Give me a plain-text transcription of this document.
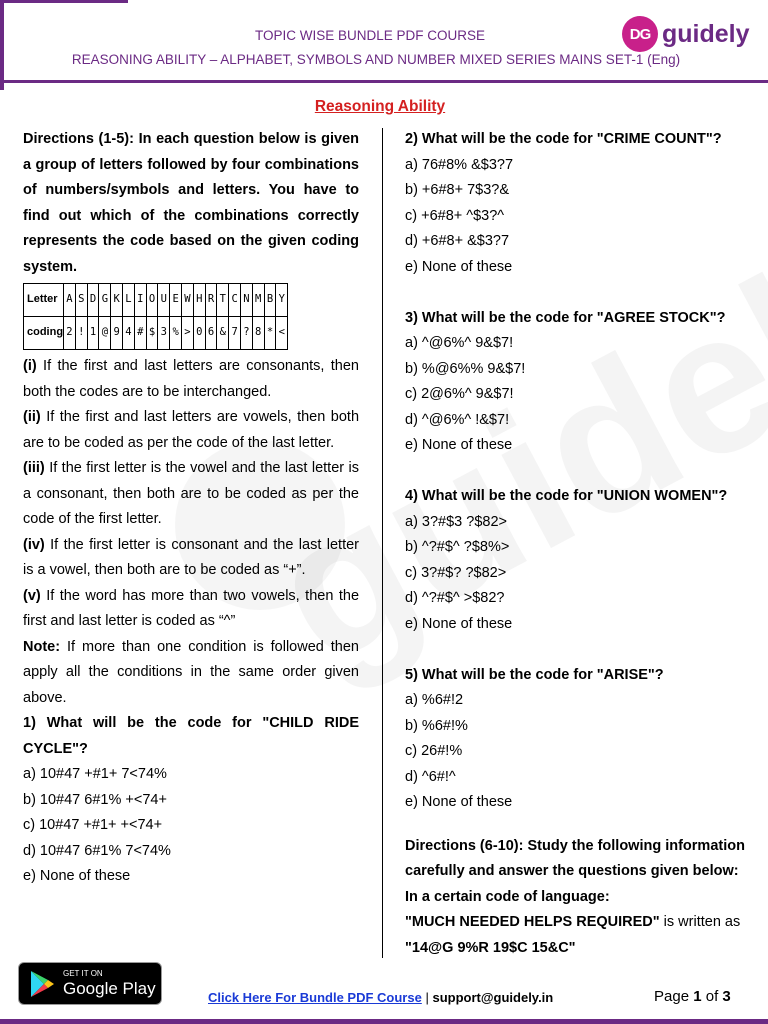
TOPIC WISE BUNDLE PDF COURSE
REASONING ABILITY – ALPHABET, SYMBOLS AND NUMBER MIXED SERIES MAINS SET-1 (Eng)
DG guidely
Reasoning Ability

Directions (1-5): In each question below is given a group of letters followed by four combinations of numbers/symbols and letters. You have to find out which of the combinations correctly represents the code based on the given coding system.

Letter	A	S	D	G	K	L	I	O	U	E	W	H	R	T	C	N	M	B	Y
coding	2	!	1	@	9	4	#	$	3	%	>	0	6	&	7	?	8	*	<

(i) If the first and last letters are consonants, then both the codes are to be interchanged.

(ii) If the first and last letters are vowels, then both are to be coded as per the code of the last letter.

(iii) If the first letter is the vowel and the last letter is a consonant, then both are to be coded as per the code of the first letter.

(iv) If the first letter is consonant and the last letter is a vowel, then both are to be coded as “+”.

(v) If the word has more than two vowels, then the first and last letter is coded as “^”

Note: If more than one condition is followed then apply all the conditions in the same order given above.

1) What will be the code for "CHILD RIDE CYCLE"?

a) 10#47 +#1+ 7<74%

b) 10#47 6#1% +<74+

c) 10#47 +#1+ +<74+

d) 10#47 6#1% 7<74%

e) None of these

2) What will be the code for "CRIME COUNT"?

a) 76#8% &$3?7

b) +6#8+ 7$3?&

c) +6#8+ ^$3?^

d) +6#8+ &$3?7

e) None of these

3) What will be the code for "AGREE STOCK"?

a) ^@6%^ 9&$7!

b) %@6%% 9&$7!

c) 2@6%^ 9&$7!

d) ^@6%^ !&$7!

e) None of these

4) What will be the code for "UNION WOMEN"?

a) 3?#$3 ?$82>

b) ^?#$^ ?$8%>

c) 3?#$? ?$82>

d) ^?#$^ >$82?

e) None of these

5) What will be the code for "ARISE"?

a) %6#!2

b) %6#!%

c) 26#!%

d) ^6#!^

e) None of these

Directions (6-10): Study the following information carefully and answer the questions given below:

In a certain code of language:

"MUCH NEEDED HELPS REQUIRED" is written as "14@G 9%R 19$C 15&C"

GET IT ON
Google Play	Click Here For Bundle PDF Course | support@guidely.in	Page 1 of 3
